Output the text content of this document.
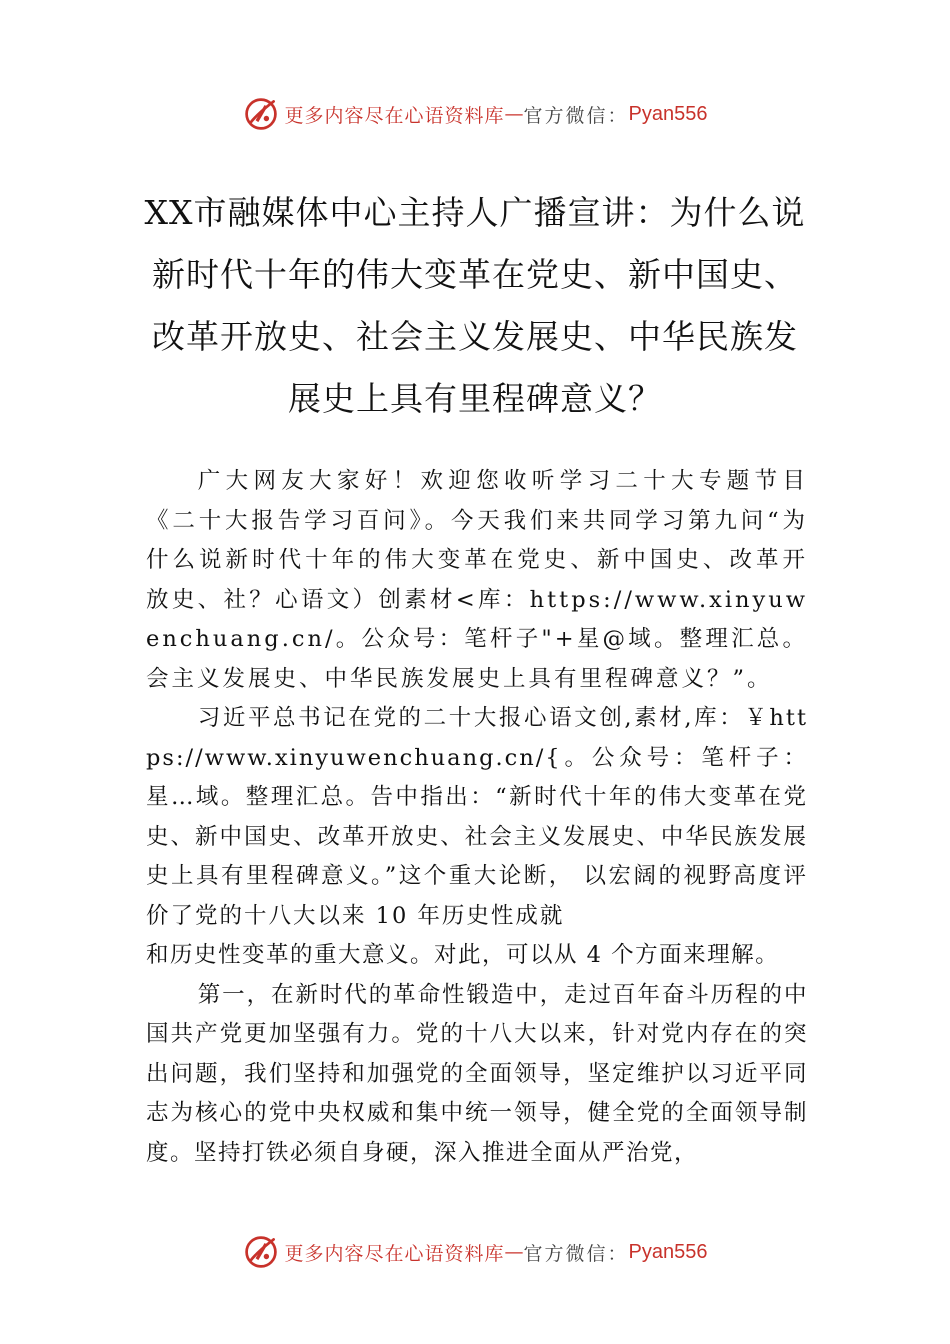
更多内容尽在心语资料库 — 官方微信： Pyan556
XX市融媒体中心主持人广播宣讲：为什么说新时代十年的伟大变革在党史、新中国史、改革开放史、社会主义发展史、中华民族发展史上具有里程碑意义？

广大网友大家好！欢迎您收听学习二十大专题节目《二十大报告学习百问》。今天我们来共同学习第九问“为什么说新时代十年的伟大变革在党史、新中国史、改革开放史、社？心语文）创素材<库：https://www.xinyuwenchuang.cn/。公众号：笔杆子"+星@域。整理汇总。会主义发展史、中华民族发展史上具有里程碑意义？”。

习近平总书记在党的二十大报心语文创,素材,库：￥https://www.xinyuwenchuang.cn/{。公众号：笔杆子：星…域。整理汇总。告中指出：“新时代十年的伟大变革在党史、新中国史、改革开放史、社会主义发展史、中华民族发展史上具有里程碑意义。”这个重大论断， 以宏阔的视野高度评价了党的十八大以来 10 年历史性成就

和历史性变革的重大意义。对此，可以从 4 个方面来理解。

第一，在新时代的革命性锻造中，走过百年奋斗历程的中国共产党更加坚强有力。党的十八大以来，针对党内存在的突出问题，我们坚持和加强党的全面领导，坚定维护以习近平同志为核心的党中央权威和集中统一领导，健全党的全面领导制度。坚持打铁必须自身硬，深入推进全面从严治党，

更多内容尽在心语资料库 — 官方微信： Pyan556
